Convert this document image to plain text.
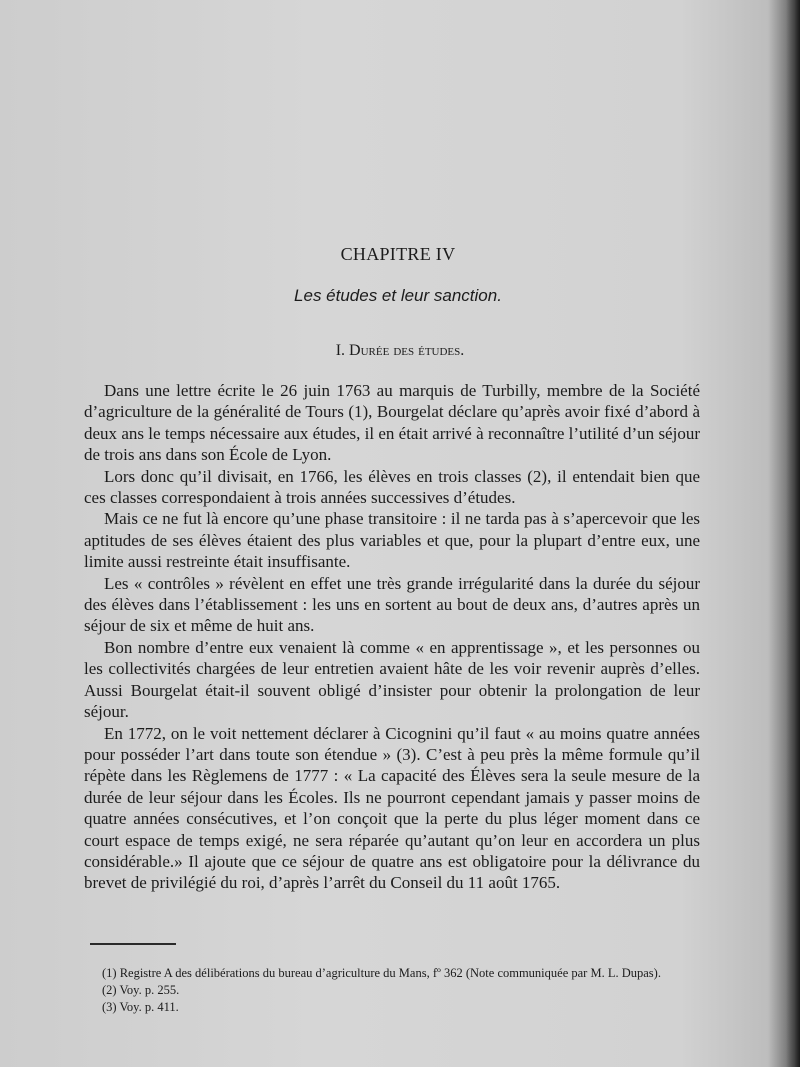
CHAPITRE IV
Les études et leur sanction.
I. Durée des études.

Dans une lettre écrite le 26 juin 1763 au marquis de Turbilly, membre de la Société d’agriculture de la généralité de Tours (1), Bourgelat déclare qu’après avoir fixé d’abord à deux ans le temps nécessaire aux études, il en était arrivé à reconnaître l’utilité d’un séjour de trois ans dans son École de Lyon.

Lors donc qu’il divisait, en 1766, les élèves en trois classes (2), il entendait bien que ces classes correspondaient à trois années successives d’études.

Mais ce ne fut là encore qu’une phase transitoire : il ne tarda pas à s’apercevoir que les aptitudes de ses élèves étaient des plus variables et que, pour la plupart d’entre eux, une limite aussi restreinte était insuffisante.

Les « contrôles » révèlent en effet une très grande irrégularité dans la durée du séjour des élèves dans l’établissement : les uns en sortent au bout de deux ans, d’autres après un séjour de six et même de huit ans.

Bon nombre d’entre eux venaient là comme « en apprentissage », et les personnes ou les collectivités chargées de leur entretien avaient hâte de les voir revenir auprès d’elles. Aussi Bourgelat était-il souvent obligé d’insister pour obtenir la prolongation de leur séjour.

En 1772, on le voit nettement déclarer à Cicognini qu’il faut « au moins quatre années pour posséder l’art dans toute son étendue » (3). C’est à peu près la même formule qu’il répète dans les Règlemens de 1777 : « La capacité des Élèves sera la seule mesure de la durée de leur séjour dans les Écoles. Ils ne pourront cependant jamais y passer moins de quatre années consécutives, et l’on conçoit que la perte du plus léger moment dans ce court espace de temps exigé, ne sera réparée qu’autant qu’on leur en accordera un plus considérable.» Il ajoute que ce séjour de quatre ans est obligatoire pour la délivrance du brevet de privilégié du roi, d’après l’arrêt du Conseil du 11 août 1765.

(1) Registre A des délibérations du bureau d’agriculture du Mans, fº 362 (Note communiquée par M. L. Dupas).

(2) Voy. p. 255.

(3) Voy. p. 411.
